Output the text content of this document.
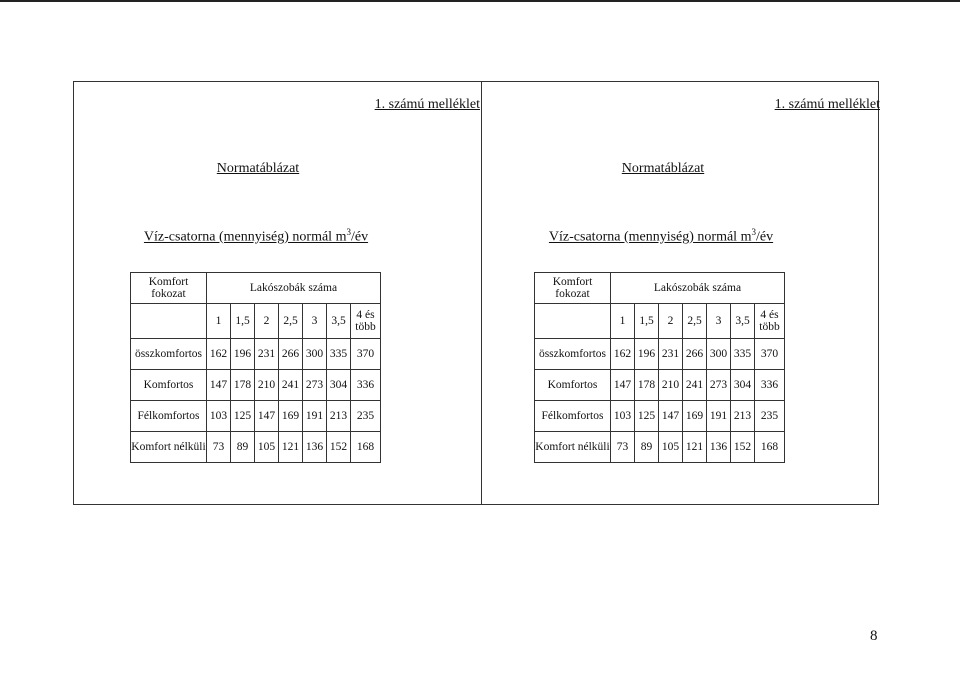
1. számú melléklet
Normatáblázat
Víz-csatorna (mennyiség) normál $m^3/év$
Komfort fokozat	Lakószobák száma						
	1	1,5	2	2,5	3	3,5	4 és több
összkomfortos	162	196	231	266	300	335	370
Komfortos	147	178	210	241	273	304	336
Félkomfortos	103	125	147	169	191	213	235
Komfort nélküli	73	89	105	121	136	152	168
1. számú melléklet
Normatáblázat
Víz-csatorna (mennyiség) normál $m^3/év$
Komfort fokozat	Lakószobák száma						
	1	1,5	2	2,5	3	3,5	4 és több
összkomfortos	162	196	231	266	300	335	370
Komfortos	147	178	210	241	273	304	336
Félkomfortos	103	125	147	169	191	213	235
Komfort nélküli	73	89	105	121	136	152	168
8
